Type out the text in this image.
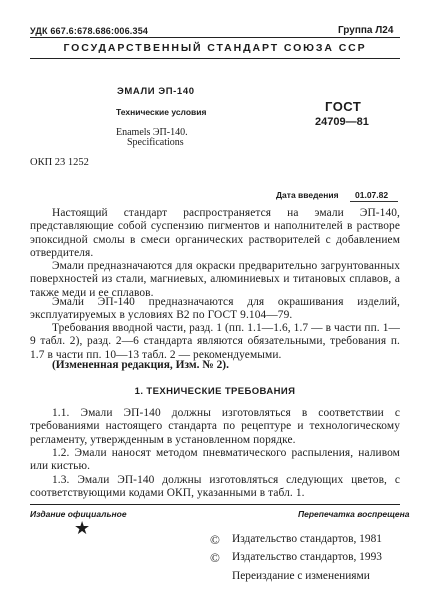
УДК 667.6:678.686:006.354	Группа Л24
ГОСУДАРСТВЕННЫЙ СТАНДАРТ СОЮЗА ССР
ЭМАЛИ ЭП-140
Технические условия
Enamels ЭП-140.
Specifications
ГОСТ
24709—81
ОКП 23 1252
Дата введения 01.07.82
Настоящий стандарт распространяется на эмали ЭП-140, представляющие собой суспензию пигментов и наполнителей в растворе эпоксидной смолы в смеси органических растворителей с добавлением отвердителя.
Эмали предназначаются для окраски предварительно загрунтованных поверхностей из стали, магниевых, алюминиевых и титановых сплавов, а также меди и ее сплавов.
Эмали ЭП-140 предназначаются для окрашивания изделий, эксплуатируемых в условиях В2 по ГОСТ 9.104—79.
Требования вводной части, разд. 1 (пп. 1.1—1.6, 1.7 — в части пп. 1—9 табл. 2), разд. 2—6 стандарта являются обязательными, требования п. 1.7 в части пп. 10—13 табл. 2 — рекомендуемыми.
(Измененная редакция, Изм. № 2).
1. ТЕХНИЧЕСКИЕ ТРЕБОВАНИЯ
1.1. Эмали ЭП-140 должны изготовляться в соответствии с требованиями настоящего стандарта по рецептуре и технологическому регламенту, утвержденным в установленном порядке.
1.2. Эмали наносят методом пневматического распыления, наливом или кистью.
1.3. Эмали ЭП-140 должны изготовляться следующих цветов, с соответствующими кодами ОКП, указанными в табл. 1.
Издание официальное	Перепечатка воспрещена
★
© Издательство стандартов, 1981
© Издательство стандартов, 1993
Переиздание с изменениями
